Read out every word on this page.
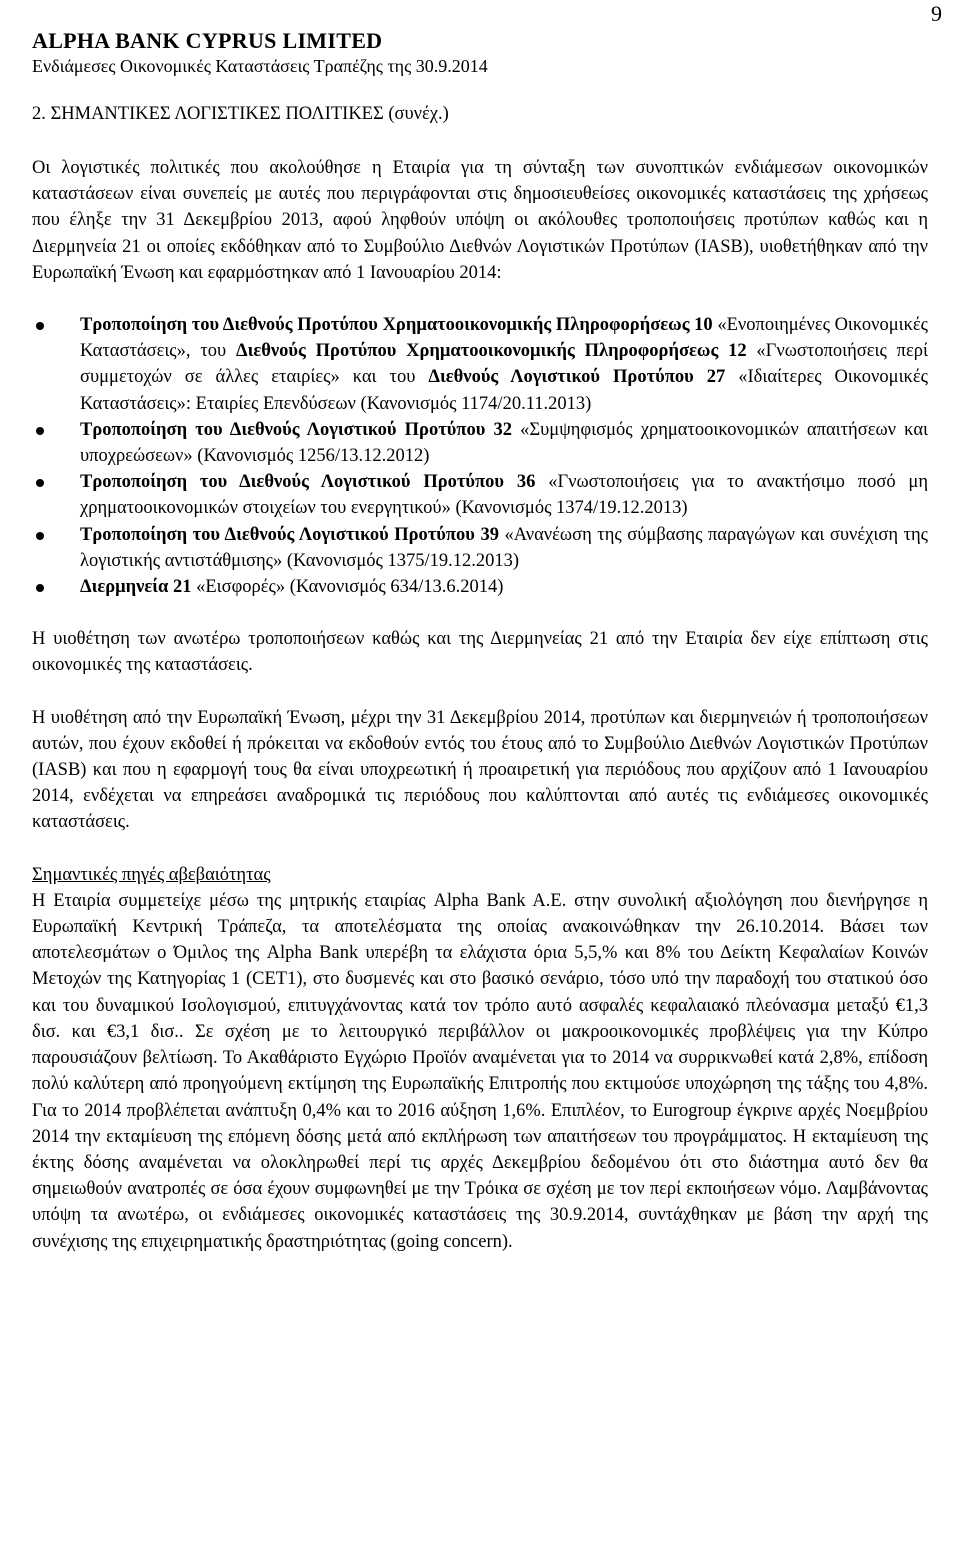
9
ALPHA BANK CYPRUS LIMITED
Ενδιάμεσες Οικονομικές Καταστάσεις Τραπέζης της 30.9.2014
2. ΣΗΜΑΝΤΙΚΕΣ ΛΟΓΙΣΤΙΚΕΣ ΠΟΛΙΤΙΚΕΣ (συνέχ.)

Οι λογιστικές πολιτικές που ακολούθησε η Εταιρία για τη σύνταξη των συνοπτικών ενδιάμεσων οικονομικών καταστάσεων είναι συνεπείς με αυτές που περιγράφονται στις δημοσιευθείσες οικονομικές καταστάσεις της χρήσεως που έληξε την 31 Δεκεμβρίου 2013, αφού ληφθούν υπόψη οι ακόλουθες τροποποιήσεις προτύπων καθώς και η Διερμηνεία 21 οι οποίες εκδόθηκαν από το Συμβούλιο Διεθνών Λογιστικών Προτύπων (IASB), υιοθετήθηκαν από την Ευρωπαϊκή Ένωση και εφαρμόστηκαν από 1 Ιανουαρίου 2014:

Τροποποίηση του Διεθνούς Προτύπου Χρηματοοικονομικής Πληροφορήσεως 10 «Ενοποιημένες Οικονομικές Καταστάσεις», του Διεθνούς Προτύπου Χρηματοοικονομικής Πληροφορήσεως 12 «Γνωστοποιήσεις περί συμμετοχών σε άλλες εταιρίες» και του Διεθνούς Λογιστικού Προτύπου 27 «Ιδιαίτερες Οικονομικές Καταστάσεις»: Εταιρίες Επενδύσεων (Κανονισμός 1174/20.11.2013)
Τροποποίηση του Διεθνούς Λογιστικού Προτύπου 32 «Συμψηφισμός χρηματοοικονομικών απαιτήσεων και υποχρεώσεων» (Κανονισμός 1256/13.12.2012)
Τροποποίηση του Διεθνούς Λογιστικού Προτύπου 36 «Γνωστοποιήσεις για το ανακτήσιμο ποσό μη χρηματοοικονομικών στοιχείων του ενεργητικού» (Κανονισμός 1374/19.12.2013)
Τροποποίηση του Διεθνούς Λογιστικού Προτύπου 39 «Ανανέωση της σύμβασης παραγώγων και συνέχιση της λογιστικής αντιστάθμισης» (Κανονισμός 1375/19.12.2013)
Διερμηνεία 21 «Εισφορές» (Κανονισμός 634/13.6.2014)

Η υιοθέτηση των ανωτέρω τροποποιήσεων καθώς και της Διερμηνείας 21 από την Εταιρία δεν είχε επίπτωση στις οικονομικές της καταστάσεις.

Η υιοθέτηση από την Ευρωπαϊκή Ένωση, μέχρι την 31 Δεκεμβρίου 2014, προτύπων και διερμηνειών ή τροποποιήσεων αυτών, που έχουν εκδοθεί ή πρόκειται να εκδοθούν εντός του έτους από το Συμβούλιο Διεθνών Λογιστικών Προτύπων (IASB) και που η εφαρμογή τους θα είναι υποχρεωτική ή προαιρετική για περιόδους που αρχίζουν από 1 Ιανουαρίου 2014, ενδέχεται να επηρεάσει αναδρομικά τις περιόδους που καλύπτονται από αυτές τις ενδιάμεσες οικονομικές καταστάσεις.

Σημαντικές πηγές αβεβαιότητας
Η Εταιρία συμμετείχε μέσω της μητρικής εταιρίας Alpha Bank A.E. στην συνολική αξιολόγηση που διενήργησε η Ευρωπαϊκή Κεντρική Τράπεζα, τα αποτελέσματα της οποίας ανακοινώθηκαν την 26.10.2014. Βάσει των αποτελεσμάτων ο Όμιλος της Alpha Bank υπερέβη τα ελάχιστα όρια 5,5,% και 8% του Δείκτη Κεφαλαίων Κοινών Μετοχών της Κατηγορίας 1 (CET1), στο δυσμενές και στο βασικό σενάριο, τόσο υπό την παραδοχή του στατικού όσο και του δυναμικού Ισολογισμού, επιτυγχάνοντας κατά τον τρόπο αυτό ασφαλές κεφαλαιακό πλεόνασμα μεταξύ €1,3 δισ. και €3,1 δισ.. Σε σχέση με το λειτουργικό περιβάλλον οι μακροοικονομικές προβλέψεις για την Κύπρο παρουσιάζουν βελτίωση. Το Ακαθάριστο Εγχώριο Προϊόν αναμένεται για το 2014 να συρρικνωθεί κατά 2,8%, επίδοση πολύ καλύτερη από προηγούμενη εκτίμηση της Ευρωπαϊκής Επιτροπής που εκτιμούσε υποχώρηση της τάξης του 4,8%. Για το 2014 προβλέπεται ανάπτυξη 0,4% και το 2016 αύξηση 1,6%. Επιπλέον, το Eurogroup έγκρινε αρχές Νοεμβρίου 2014 την εκταμίευση της επόμενη δόσης μετά από εκπλήρωση των απαιτήσεων του προγράμματος. Η εκταμίευση της έκτης δόσης αναμένεται να ολοκληρωθεί περί τις αρχές Δεκεμβρίου δεδομένου ότι στο διάστημα αυτό δεν θα σημειωθούν ανατροπές σε όσα έχουν συμφωνηθεί με την Τρόικα σε σχέση με τον περί εκποιήσεων νόμο. Λαμβάνοντας υπόψη τα ανωτέρω, οι ενδιάμεσες οικονομικές καταστάσεις της 30.9.2014, συντάχθηκαν με βάση την αρχή της συνέχισης της επιχειρηματικής δραστηριότητας (going concern).
